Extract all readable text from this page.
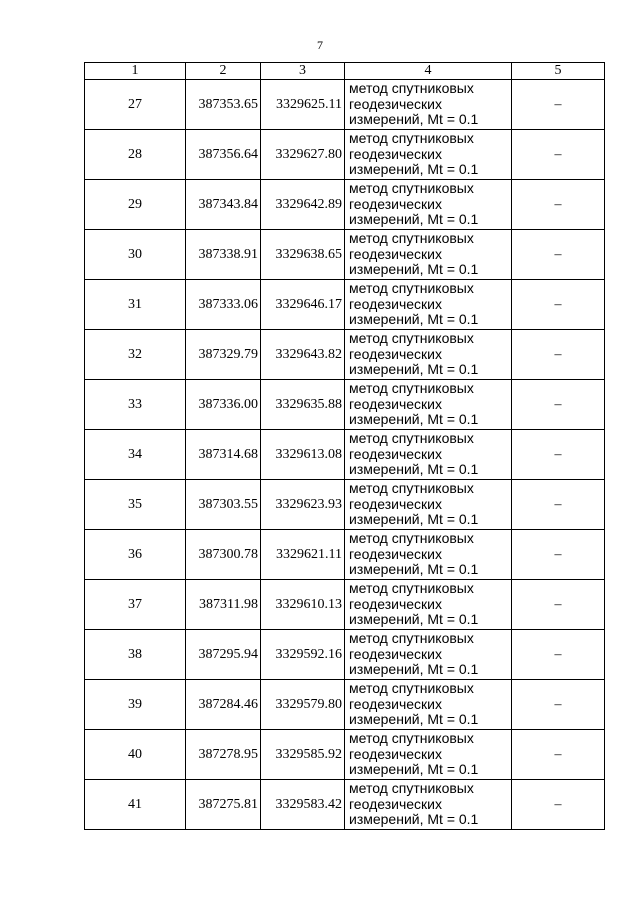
7
1	2	3	4	5
27	387353.65	3329625.11	метод спутниковых
геодезических
измерений, Mt = 0.1	–
28	387356.64	3329627.80	метод спутниковых
геодезических
измерений, Mt = 0.1	–
29	387343.84	3329642.89	метод спутниковых
геодезических
измерений, Mt = 0.1	–
30	387338.91	3329638.65	метод спутниковых
геодезических
измерений, Mt = 0.1	–
31	387333.06	3329646.17	метод спутниковых
геодезических
измерений, Mt = 0.1	–
32	387329.79	3329643.82	метод спутниковых
геодезических
измерений, Mt = 0.1	–
33	387336.00	3329635.88	метод спутниковых
геодезических
измерений, Mt = 0.1	–
34	387314.68	3329613.08	метод спутниковых
геодезических
измерений, Mt = 0.1	–
35	387303.55	3329623.93	метод спутниковых
геодезических
измерений, Mt = 0.1	–
36	387300.78	3329621.11	метод спутниковых
геодезических
измерений, Mt = 0.1	–
37	387311.98	3329610.13	метод спутниковых
геодезических
измерений, Mt = 0.1	–
38	387295.94	3329592.16	метод спутниковых
геодезических
измерений, Mt = 0.1	–
39	387284.46	3329579.80	метод спутниковых
геодезических
измерений, Mt = 0.1	–
40	387278.95	3329585.92	метод спутниковых
геодезических
измерений, Mt = 0.1	–
41	387275.81	3329583.42	метод спутниковых
геодезических
измерений, Mt = 0.1	–
